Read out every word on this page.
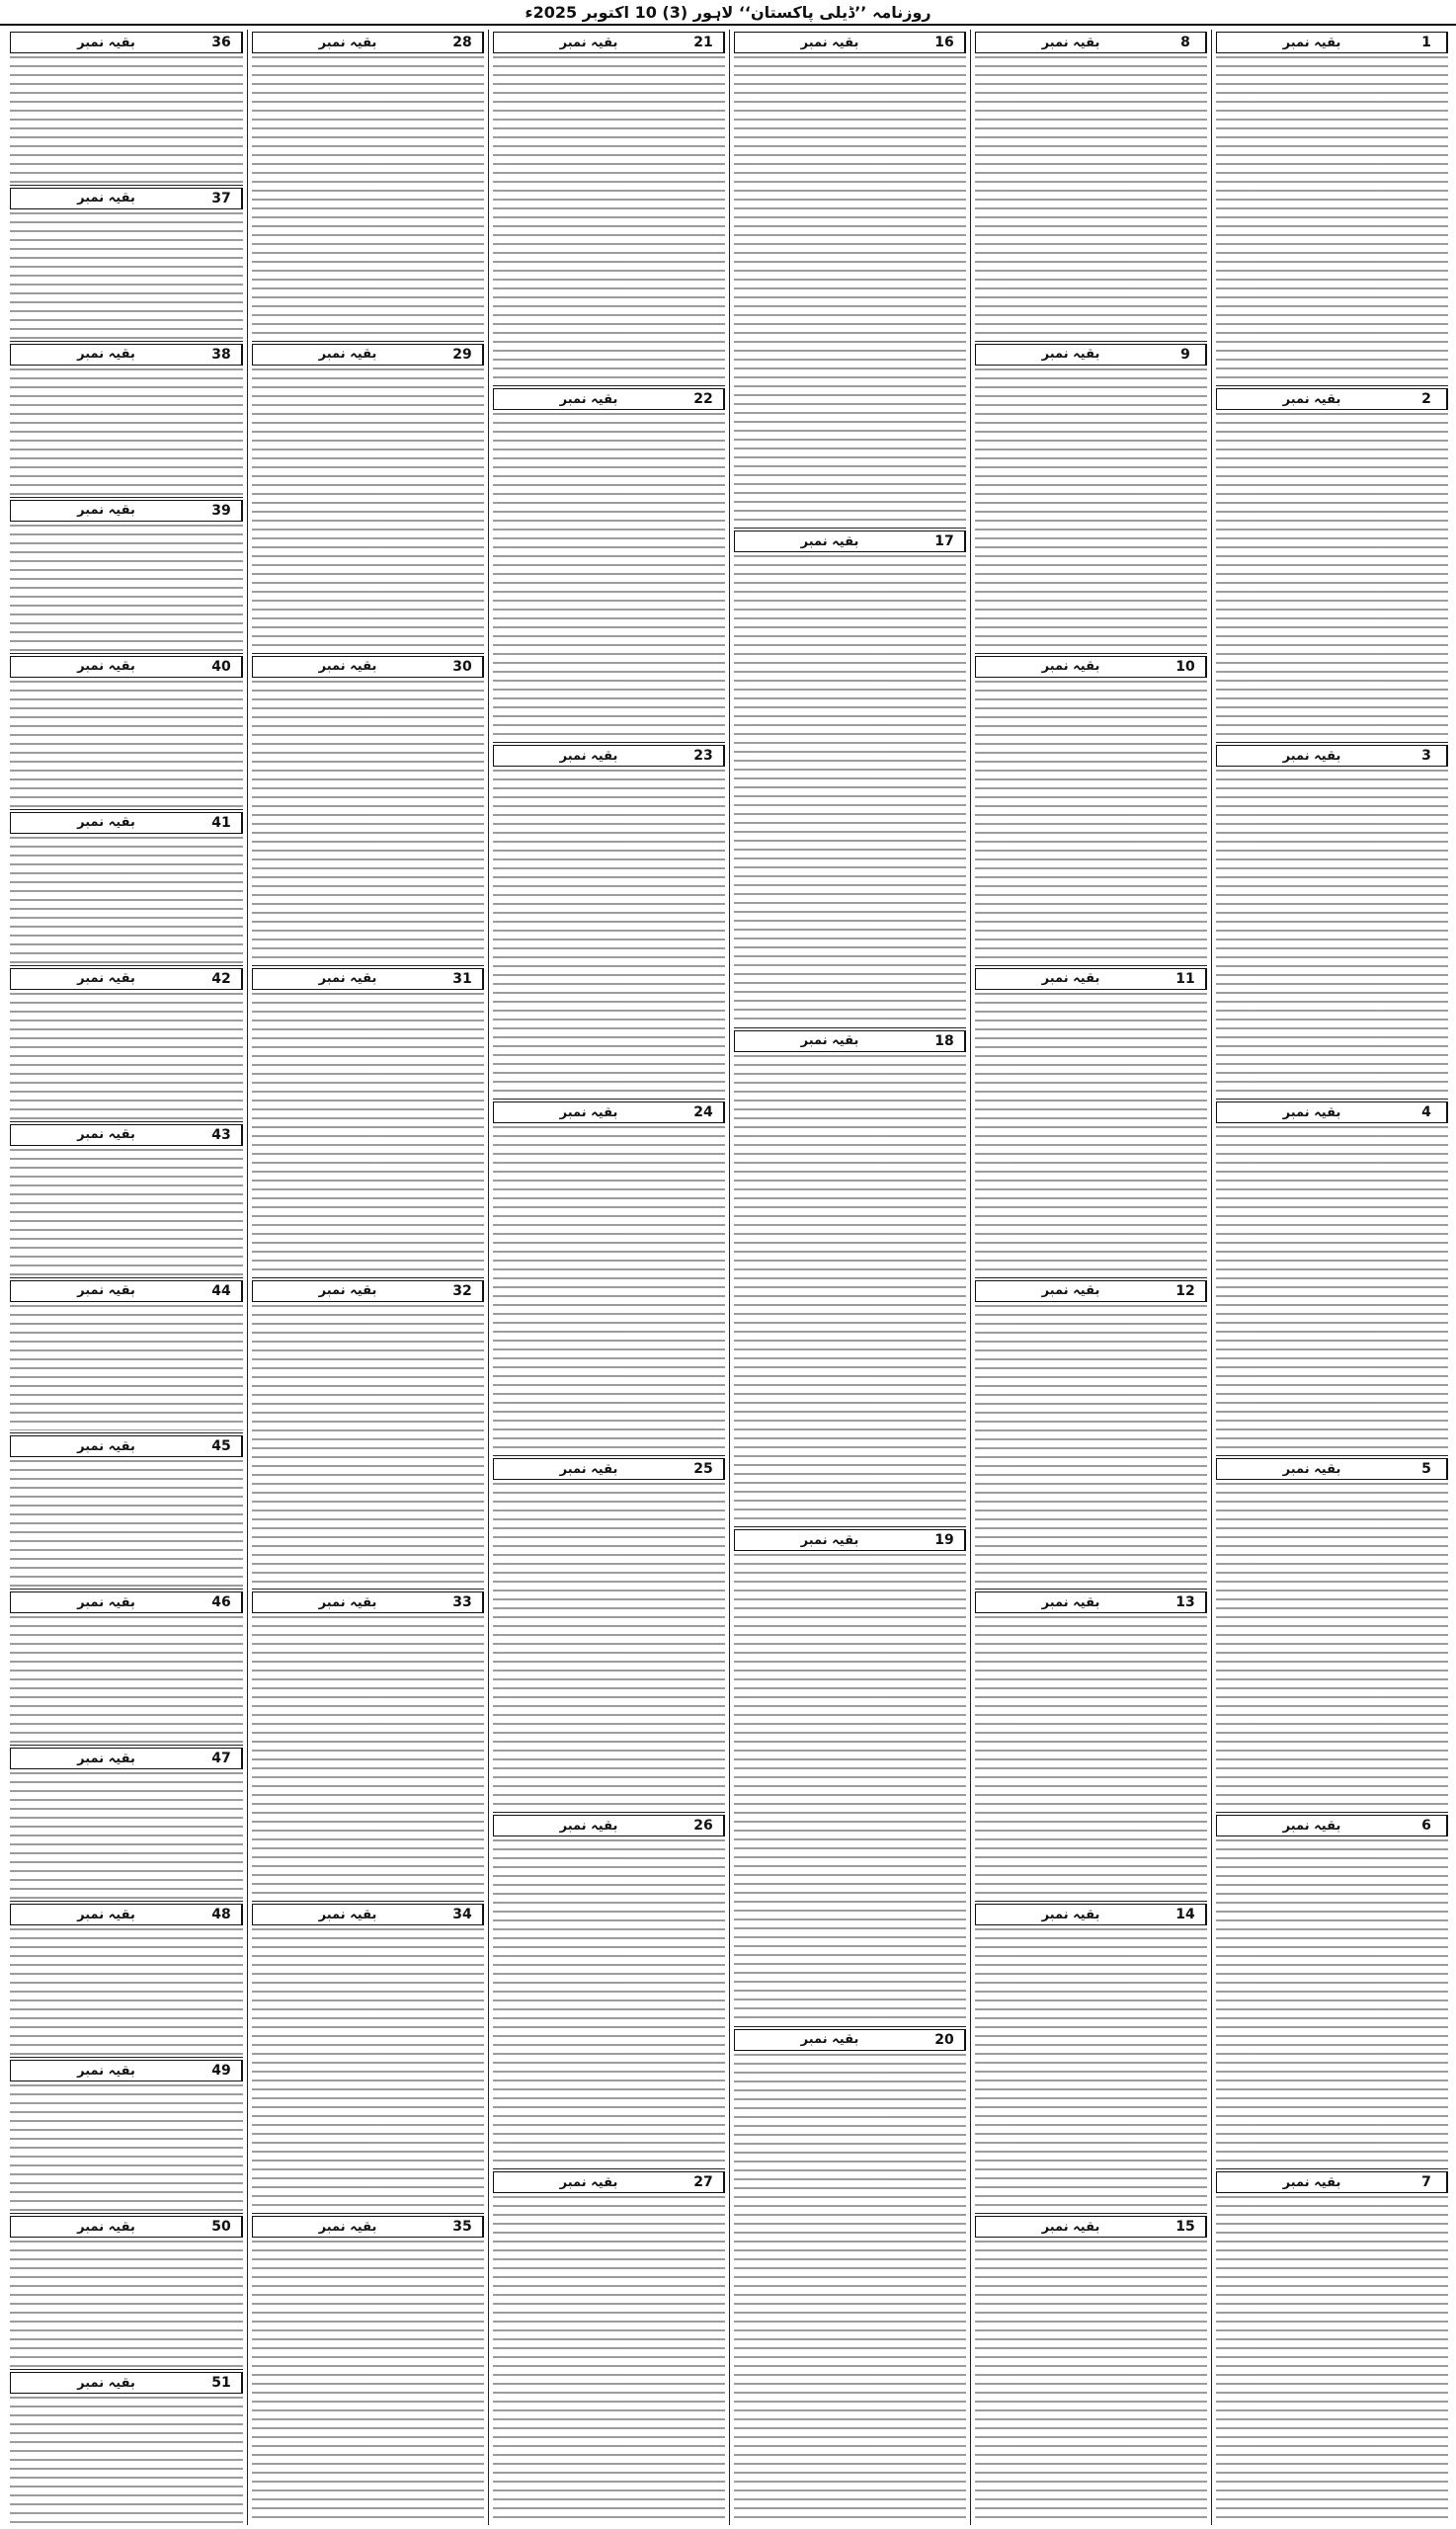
روزنامہ ’’ڈیلی پاکستان‘‘ لاہور (3) 10 اکتوبر 2025ء
1
بقیہ نمبر
2
بقیہ نمبر
3
بقیہ نمبر
4
بقیہ نمبر
5
بقیہ نمبر
6
بقیہ نمبر
7
بقیہ نمبر
8
بقیہ نمبر
9
بقیہ نمبر
10
بقیہ نمبر
11
بقیہ نمبر
12
بقیہ نمبر
13
بقیہ نمبر
14
بقیہ نمبر
15
بقیہ نمبر
16
بقیہ نمبر
17
بقیہ نمبر
18
بقیہ نمبر
19
بقیہ نمبر
20
بقیہ نمبر
21
بقیہ نمبر
22
بقیہ نمبر
23
بقیہ نمبر
24
بقیہ نمبر
25
بقیہ نمبر
26
بقیہ نمبر
27
بقیہ نمبر
28
بقیہ نمبر
29
بقیہ نمبر
30
بقیہ نمبر
31
بقیہ نمبر
32
بقیہ نمبر
33
بقیہ نمبر
34
بقیہ نمبر
35
بقیہ نمبر
36
بقیہ نمبر
37
بقیہ نمبر
38
بقیہ نمبر
39
بقیہ نمبر
40
بقیہ نمبر
41
بقیہ نمبر
42
بقیہ نمبر
43
بقیہ نمبر
44
بقیہ نمبر
45
بقیہ نمبر
46
بقیہ نمبر
47
بقیہ نمبر
48
بقیہ نمبر
49
بقیہ نمبر
50
بقیہ نمبر
51
بقیہ نمبر
